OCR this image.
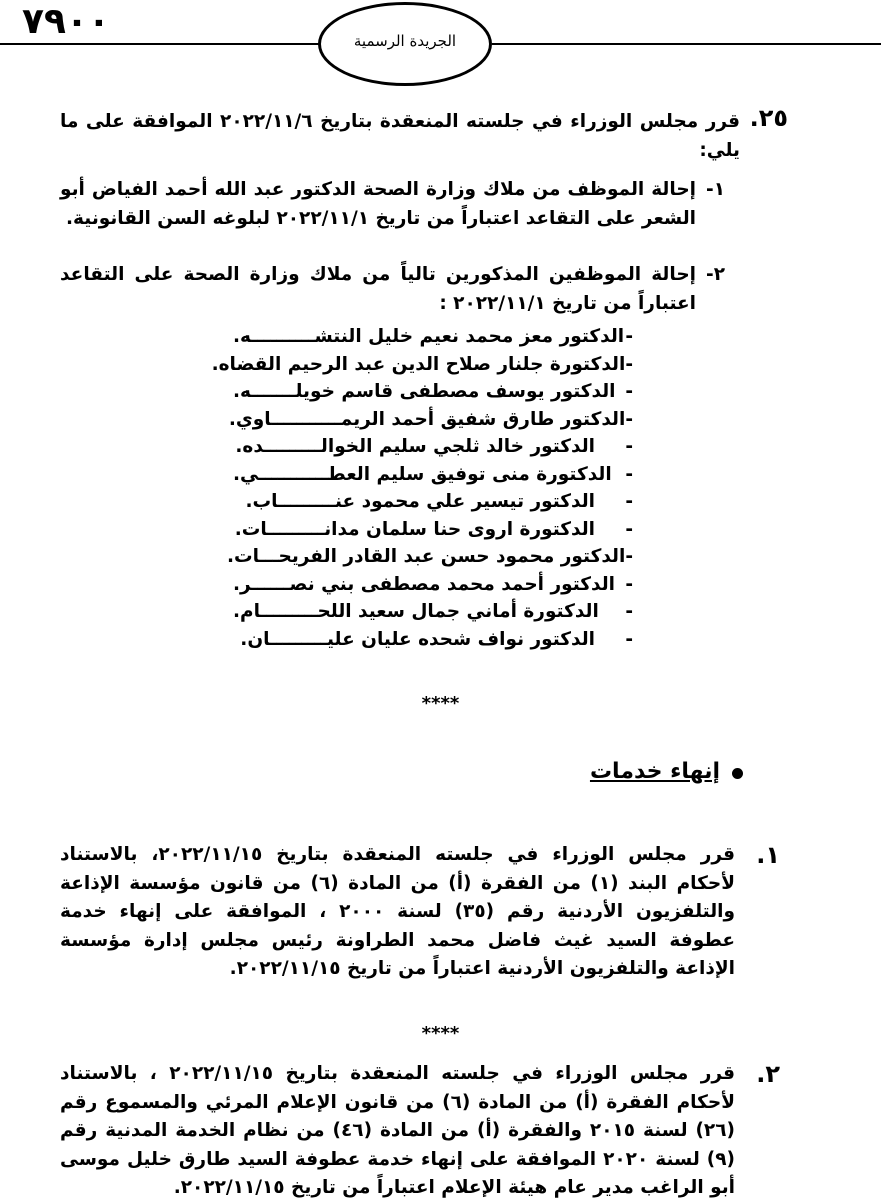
٧٩٠٠	الجريدة الرسمية
.٢٥
قرر مجلس الوزراء في جلسته المنعقدة بتاريخ ٢٠٢٢/١١/٦ الموافقة على ما يلي:
١-
إحالة الموظف من ملاك وزارة الصحة الدكتور عبد الله أحمد الفياض أبو الشعر على التقاعد اعتباراً من تاريخ ٢٠٢٢/١١/١ لبلوغه السن القانونية.
٢-
إحالة الموظفين المذكورين تالياً من ملاك وزارة الصحة على التقاعد اعتباراً من تاريخ ٢٠٢٢/١١/١ :
-
الدكتور معز محمد نعيم خليل النتشــــــــــه.
-
الدكتورة جلنار صلاح الدين عبد الرحيم القضاه.
-
الدكتور يوسف مصطفى قاسم خويلـــــــه.
-
الدكتور طارق شفيق أحمد الريمـــــــــــاوي.
-
الدكتور خالد ثلجي سليم الخوالـــــــــده.
-
الدكتورة منى توفيق سليم العطـــــــــــي.
-
الدكتور تيسير علي محمود عنـــــــــاب.
-
الدكتورة اروى حنا سلمان مدانـــــــــات.
-
الدكتور محمود حسن عبد القادر الفريحـــات.
-
الدكتور أحمد محمد مصطفى بني نصــــــر.
-
الدكتورة أماني جمال سعيد اللحـــــــــام.
-
الدكتور نواف شحده عليان عليـــــــــان.
****
إنهاء خدمات
.١
قرر مجلس الوزراء في جلسته المنعقدة بتاريخ ٢٠٢٢/١١/١٥، بالاستناد لأحكام البند (١) من الفقرة (أ) من المادة (٦) من قانون مؤسسة الإذاعة والتلفزيون الأردنية رقم (٣٥) لسنة ٢٠٠٠ ، الموافقة على إنهاء خدمة عطوفة السيد غيث فاضل محمد الطراونة رئيس مجلس إدارة مؤسسة الإذاعة والتلفزيون الأردنية اعتباراً من تاريخ ٢٠٢٢/١١/١٥.
****
.٢
قرر مجلس الوزراء في جلسته المنعقدة بتاريخ ٢٠٢٢/١١/١٥ ، بالاستناد لأحكام الفقرة (أ) من المادة (٦) من قانون الإعلام المرئي والمسموع رقم (٢٦) لسنة ٢٠١٥ والفقرة (أ) من المادة (٤٦) من نظام الخدمة المدنية رقم (٩) لسنة ٢٠٢٠ الموافقة على إنهاء خدمة عطوفة السيد طارق خليل موسى أبو الراغب مدير عام هيئة الإعلام اعتباراً من تاريخ ٢٠٢٢/١١/١٥.
